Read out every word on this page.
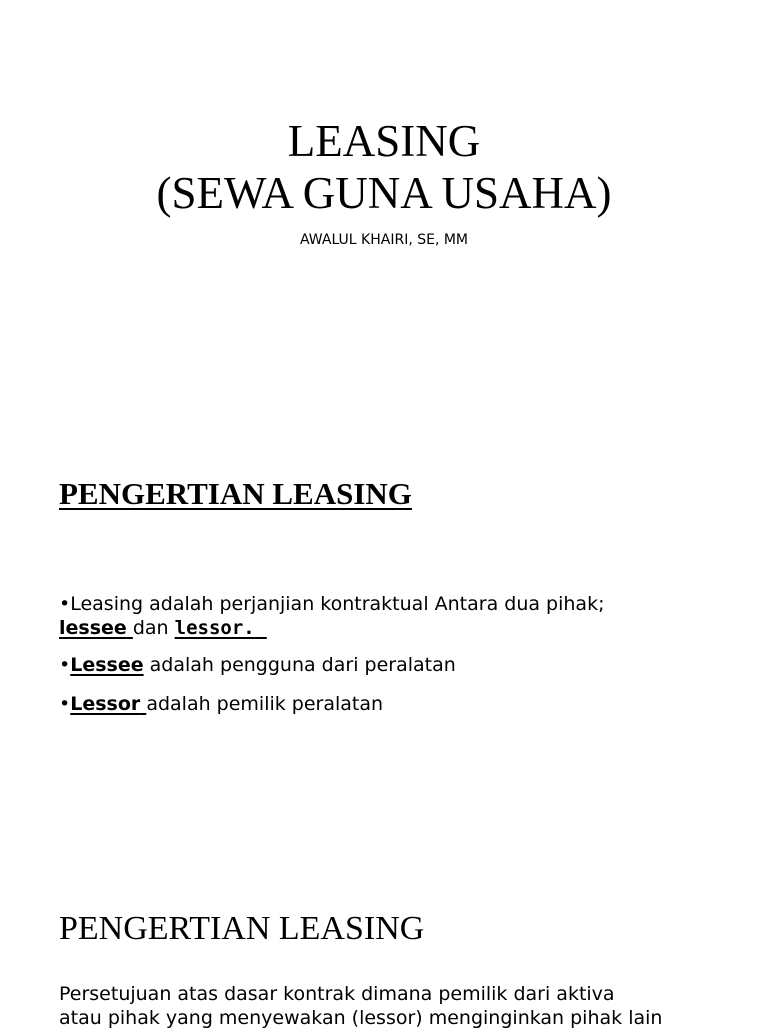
LEASING
(SEWA GUNA USAHA)
AWALUL KHAIRI, SE, MM
PENGERTIAN LEASING

•Leasing adalah perjanjian kontraktual Antara dua pihak;
lessee dan lessor.

•Lessee adalah pengguna dari peralatan

•Lessor adalah pemilik peralatan

PENGERTIAN LEASING

Persetujuan atas dasar kontrak dimana pemilik dari aktiva
atau pihak yang menyewakan (lessor) menginginkan pihak lain
